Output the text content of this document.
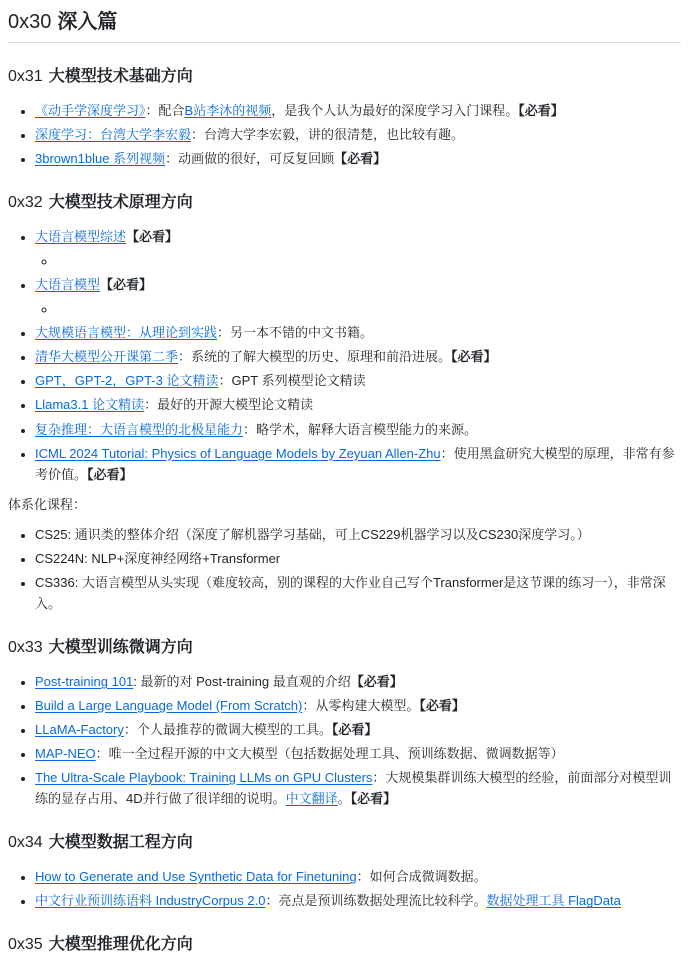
0x30 深入篇
0x31 大模型技术基础方向
• 《动手学深度学习》：配合B站李沐的视频，是我个人认为最好的深度学习入门课程。【必看】
• 深度学习：台湾大学李宏毅：台湾大学李宏毅，讲的很清楚，也比较有趣。
• 3brown1blue 系列视频：动画做的很好，可反复回顾【必看】
0x32 大模型技术原理方向
• 大语言模型综述【必看】
◦
• 大语言模型【必看】
◦
• 大规模语言模型：从理论到实践：另一本不错的中文书籍。
• 清华大模型公开课第二季：系统的了解大模型的历史、原理和前沿进展。【必看】
• GPT，GPT-2，GPT-3 论文精读：GPT 系列模型论文精读
• Llama3.1 论文精读：最好的开源大模型论文精读
• 复杂推理：大语言模型的北极星能力：略学术，解释大语言模型能力的来源。
• ICML 2024 Tutorial: Physics of Language Models by Zeyuan Allen-Zhu：使用黑盒研究大模型的原理，非常有参考价值。【必看】

体系化课程：

• CS25: 通识类的整体介绍（深度了解机器学习基础，可上CS229机器学习以及CS230深度学习。）
• CS224N: NLP+深度神经网络+Transformer
• CS336: 大语言模型从头实现（难度较高，别的课程的大作业自己写个Transformer是这节课的练习一），非常深入。
0x33 大模型训练微调方向
• Post-training 101: 最新的对 Post-training 最直观的介绍【必看】
• Build a Large Language Model (From Scratch)：从零构建大模型。【必看】
• LLaMA-Factory：个人最推荐的微调大模型的工具。【必看】
• MAP-NEO：唯一全过程开源的中文大模型（包括数据处理工具、预训练数据、微调数据等）
• The Ultra-Scale Playbook: Training LLMs on GPU Clusters：大规模集群训练大模型的经验，前面部分对模型训练的显存占用、4D并行做了很详细的说明。中文翻译。【必看】
0x34 大模型数据工程方向
• How to Generate and Use Synthetic Data for Finetuning：如何合成微调数据。
• 中文行业预训练语料 IndustryCorpus 2.0：亮点是预训练数据处理流比较科学。数据处理工具 FlagData
0x35 大模型推理优化方向
